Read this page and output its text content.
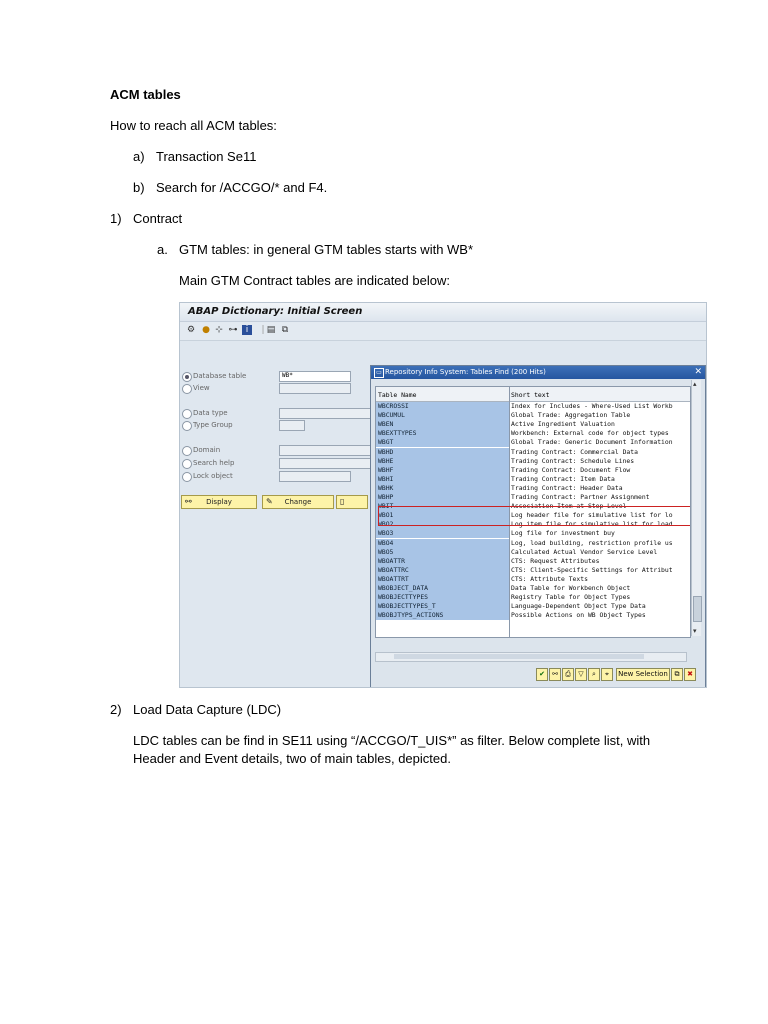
ACM tables
How to reach all ACM tables:
a) Transaction Se11
b) Search for /ACCGO/* and F4.
1) Contract
a. GTM tables: in general GTM tables starts with WB*
Main GTM Contract tables are indicated below:
ABAP Dictionary: Initial Screen
⚙ ● ⊹ ⊶ i	| ▤ ⧉
Database table	WB*
View
Data type
Type Group
Domain
Search help
Lock object
⚯	Display	✎	Change	▯
▭ Repository Info System: Tables Find (200 Hits)	✕
Table Name	Short text
WBCROSSI	Index for Includes - Where-Used List Workb
WBCUMUL	Global Trade: Aggregation Table
WBEN	Active Ingredient Valuation
WBEXTTYPES	Workbench: External code for object types
WBGT	Global Trade: Generic Document Information
WBHD	Trading Contract: Commercial Data
WBHE	Trading Contract: Schedule Lines
WBHF	Trading Contract: Document Flow
WBHI	Trading Contract: Item Data
WBHK	Trading Contract: Header Data
WBHP	Trading Contract: Partner Assignment
WBIT	Association Item at Step Level
WBO1	Log header file for simulative list for lo
WBO2	Log item file for simulative list for load
WBO3	Log file for investment buy
WBO4	Log, load building, restriction profile us
WBO5	Calculated Actual Vendor Service Level
WBOATTR	CTS: Request Attributes
WBOATTRC	CTS: Client-Specific Settings for Attribut
WBOATTRT	CTS: Attribute Texts
WBOBJECT_DATA	Data Table for Workbench Object
WBOBJECTTYPES	Registry Table for Object Types
WBOBJECTTYPES_T	Language-Dependent Object Type Data
WBOBJTYPS_ACTIONS	Possible Actions on WB Object Types
▴
▾
✔	⚯	⎙	▽	⌕	⌖	New Selection ⧉	✖
2) Load Data Capture (LDC)
LDC tables can be find in SE11 using “/ACCGO/T_UIS*” as filter. Below complete list, with Header and Event details, two of main tables, depicted.
